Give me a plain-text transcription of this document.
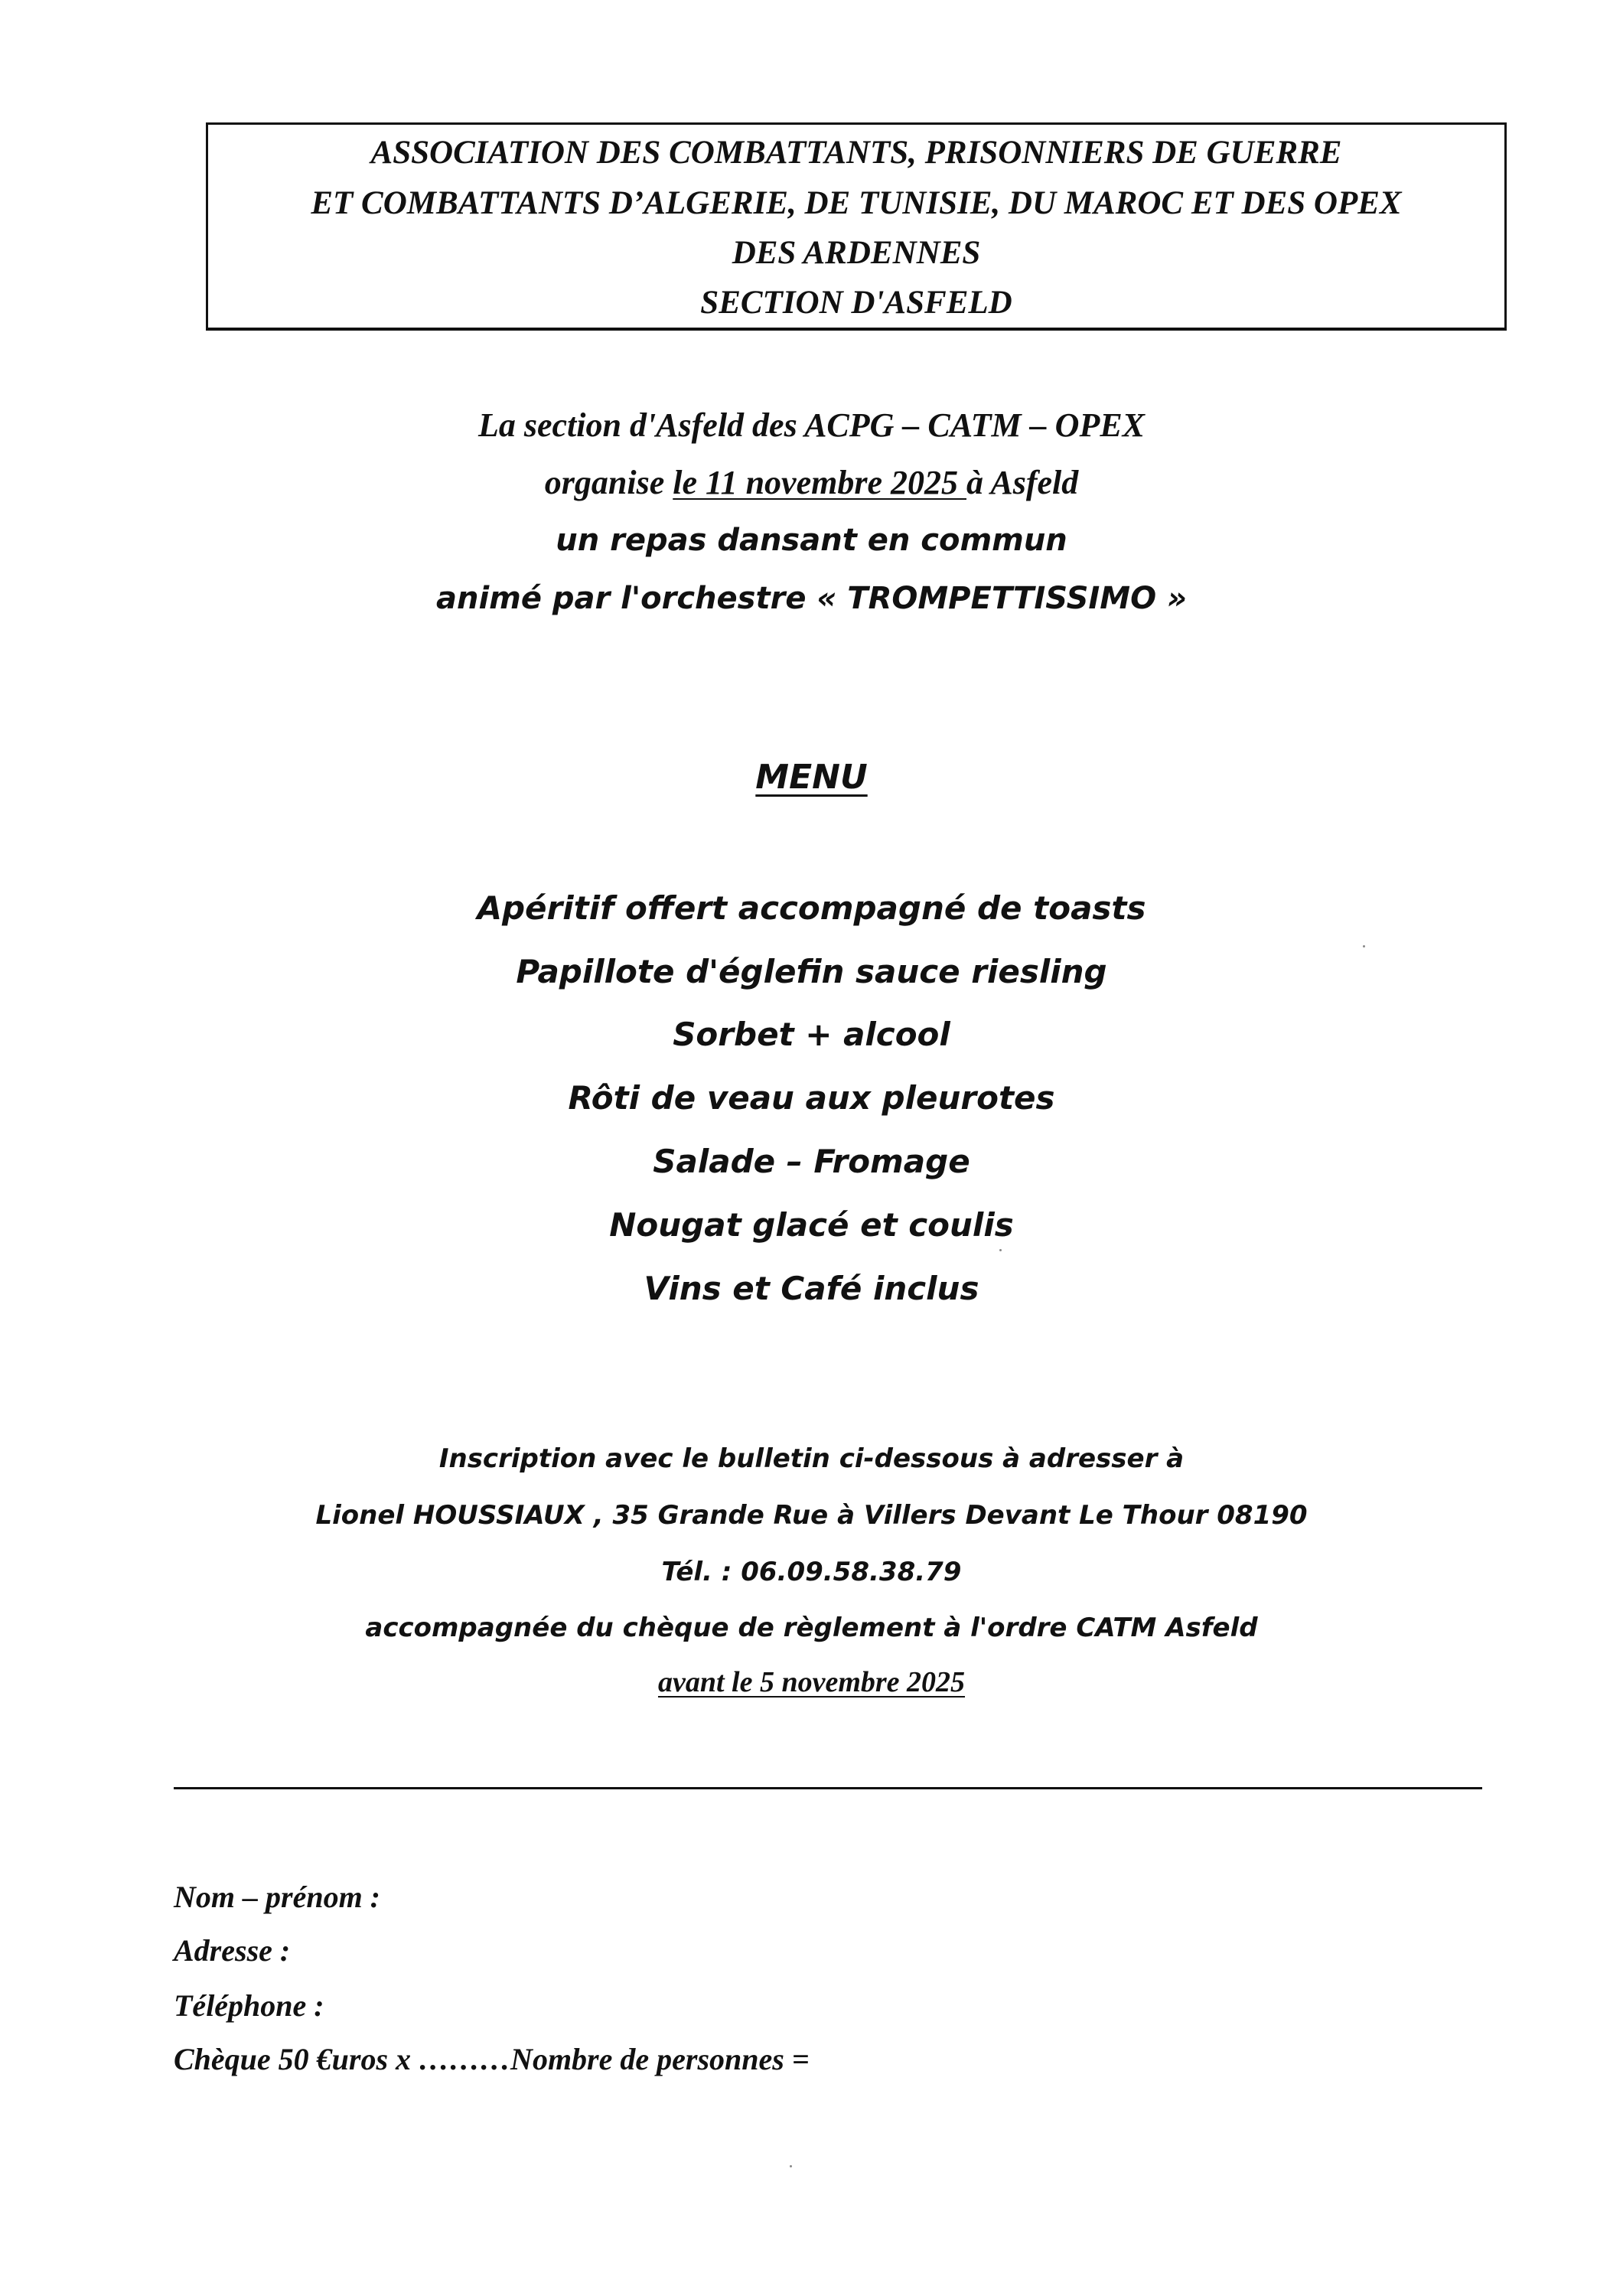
ASSOCIATION DES COMBATTANTS, PRISONNIERS DE GUERRE
ET COMBATTANTS D’ALGERIE, DE TUNISIE, DU MAROC ET DES OPEX
DES ARDENNES
SECTION D'ASFELD
La section d'Asfeld des ACPG – CATM – OPEX
organise le 11 novembre 2025 à Asfeld
un repas dansant en commun
animé par l'orchestre « TROMPETTISSIMO »
MENU
Apéritif offert accompagné de toasts
Papillote d'églefin sauce riesling
Sorbet + alcool
Rôti de veau aux pleurotes
Salade – Fromage
Nougat glacé et coulis
Vins et Café inclus
Inscription avec le bulletin ci-dessous à adresser à
Lionel HOUSSIAUX , 35 Grande Rue à Villers Devant Le Thour 08190
Tél. : 06.09.58.38.79
accompagnée du chèque de règlement à l'ordre CATM Asfeld
avant le 5 novembre 2025
Nom – prénom :
Adresse :
Téléphone :
Chèque 50 €uros x ………Nombre de personnes =
